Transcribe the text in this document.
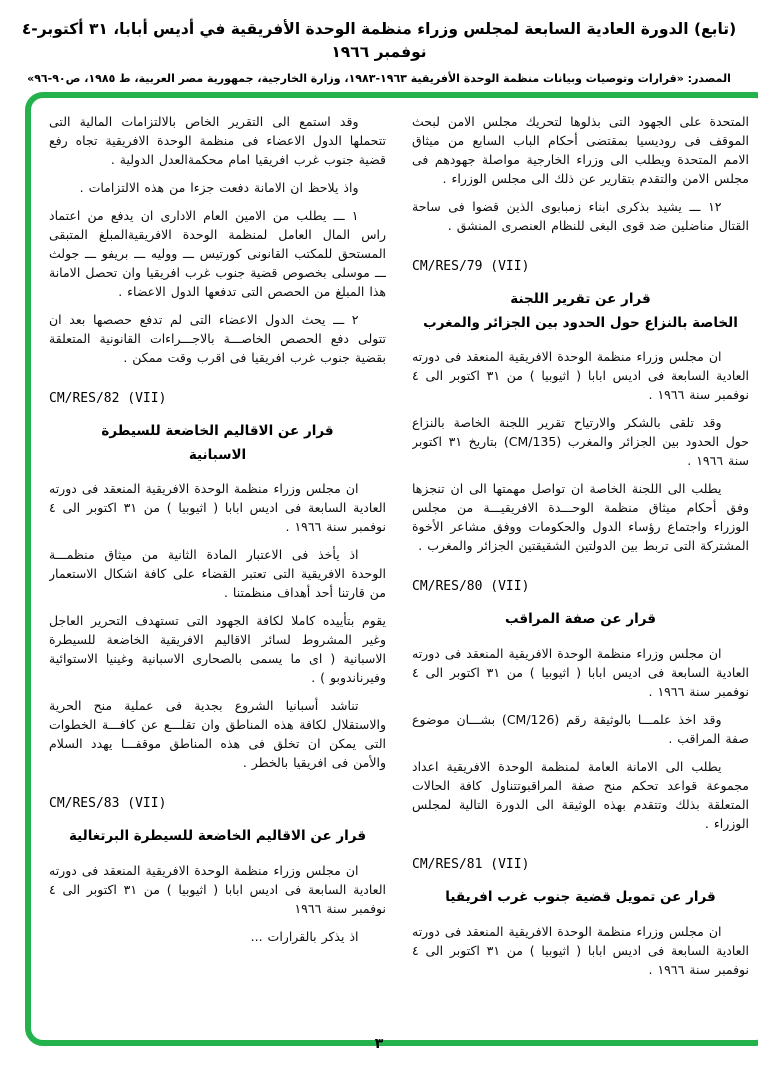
(تابع) الدورة العادية السابعة لمجلس وزراء منظمة الوحدة الأفريقية في أديس أبابا، ٣١ أكتوبر-٤ نوفمبر ١٩٦٦
المصدر: «قرارات وتوصيات وبيانات منظمة الوحدة الأفريقية ١٩٦٣-١٩٨٣، وزارة الخارجية، جمهورية مصر العربية، ط ١٩٨٥، ص٩٠-٩٦»

المتحدة على الجهود التى بذلوها لتحريك مجلس الامن لبحث الموقف فى روديسيا بمقتضى أحكام الباب السابع من ميثاق الامم المتحدة ويطلب الى وزراء الخارجية مواصلة جهودهم فى مجلس الامن والتقدم بتقارير عن ذلك الى مجلس الوزراء .

١٢ ـــ يشيد بذكرى ابناء زمبابوى الذين قضوا فى ساحة القتال مناضلين ضد قوى البغى للنظام العنصرى المنشق .

CM/RES/79 (VII)
قرار عن تقرير اللجنة
الخاصة بالنزاع حول الحدود بين الجزائر والمغرب

ان مجلس وزراء منظمة الوحدة الافريقية المنعقد فى دورته العادية السابعة فى اديس ابابا ( اثيوبيا ) من ٣١ اكتوبر الى ٤ نوفمبر سنة ١٩٦٦ .

وقد تلقى بالشكر والارتياح تقرير اللجنة الخاصة بالنزاع حول الحدود بين الجزائر والمغرب (CM/135) بتاريخ ٣١ اكتوبر سنة ١٩٦٦ .

يطلب الى اللجنة الخاصة ان تواصل مهمتها الى ان تنجزها وفق أحكام ميثاق منظمة الوحـــدة الافريقيـــة من مجلس الوزراء واجتماع رؤساء الدول والحكومات ووفق مشاعر الأخوة المشتركة التى تربط بين الدولتين الشقيقتين الجزائر والمغرب .

CM/RES/80 (VII)
قرار عن صفة المراقب

ان مجلس وزراء منظمة الوحدة الافريقية المنعقد فى دورته العادية السابعة فى اديس ابابا ( اثيوبيا ) من ٣١ اكتوبر الى ٤ نوفمبر سنة ١٩٦٦ .

وقد اخذ علمـــا بالوثيقة رقم (CM/126) بشـــان موضوع صفة المراقب .

يطلب الى الامانة العامة لمنظمة الوحدة الافريقية اعداد مجموعة قواعد تحكم منح صفة المراقبوتتناول كافة الحالات المتعلقة بذلك وتتقدم بهذه الوثيقة الى الدورة التالية لمجلس الوزراء .

CM/RES/81 (VII)
قرار عن تمويل قضية جنوب غرب افريقيا

ان مجلس وزراء منظمة الوحدة الافريقية المنعقد فى دورته العادية السابعة فى اديس ابابا ( اثيوبيا ) من ٣١ اكتوبر الى ٤ نوفمبر سنة ١٩٦٦ .

وقد استمع الى التقرير الخاص بالالتزامات المالية التى تتحملها الدول الاعضاء فى منظمة الوحدة الافريقية تجاه رفع قضية جنوب غرب افريقيا امام محكمةالعدل الدولية .

واذ يلاحظ ان الامانة دفعت جزءا من هذه الالتزامات .

١ ـــ يطلب من الامين العام الادارى ان يدفع من اعتماد راس المال العامل لمنظمة الوحدة الافريقيةالمبلغ المتبقى المستحق للمكتب القانونى كورتيس ـــ ووليه ـــ بريفو ـــ جولث ـــ موسلى بخصوص قضية جنوب غرب افريقيا وان تحصل الامانة هذا المبلغ من الحصص التى تدفعها الدول الاعضاء .

٢ ـــ يحث الدول الاعضاء التى لم تدفع حصصها بعد ان تتولى دفع الحصص الخاصـــة بالاجـــراءات القانونية المتعلقة بقضية جنوب غرب افريقيا فى اقرب وقت ممكن .

CM/RES/82 (VII)
قرار عن الاقاليم الخاضعة للسيطرة
الاسبانية

ان مجلس وزراء منظمة الوحدة الافريقية المنعقد فى دورته العادية السابعة فى اديس ابابا ( اثيوبيا ) من ٣١ اكتوبر الى ٤ نوفمبر سنة ١٩٦٦ .

اذ يأخذ فى الاعتبار المادة الثانية من ميثاق منظمـــة الوحدة الافريقية التى تعتبر القضاء على كافة اشكال الاستعمار من قارتنا أحد أهداف منظمتنا .

يقوم بتأييده كاملا لكافة الجهود التى تستهدف التحرير العاجل وغير المشروط لسائر الاقاليم الافريقية الخاضعة للسيطرة الاسبانية ( اى ما يسمى بالصحارى الاسبانية وغينيا الاستوائية وفيرناندوبو ) .

تناشد أسبانيا الشروع بجدية فى عملية منح الحرية والاستقلال لكافة هذه المناطق وان تقلـــع عن كافـــة الخطوات التى يمكن ان تخلق فى هذه المناطق موقفـــا يهدد السلام والأمن فى افريقيا بالخطر .

CM/RES/83 (VII)
قرار عن الاقاليم الخاضعة للسيطرة البرتغالية

ان مجلس وزراء منظمة الوحدة الافريقية المنعقد فى دورته العادية السابعة فى اديس ابابا ( اثيوبيا ) من ٣١ اكتوبر الى ٤ نوفمبر سنة ١٩٦٦

اذ يذكر بالقرارات ...

٣
